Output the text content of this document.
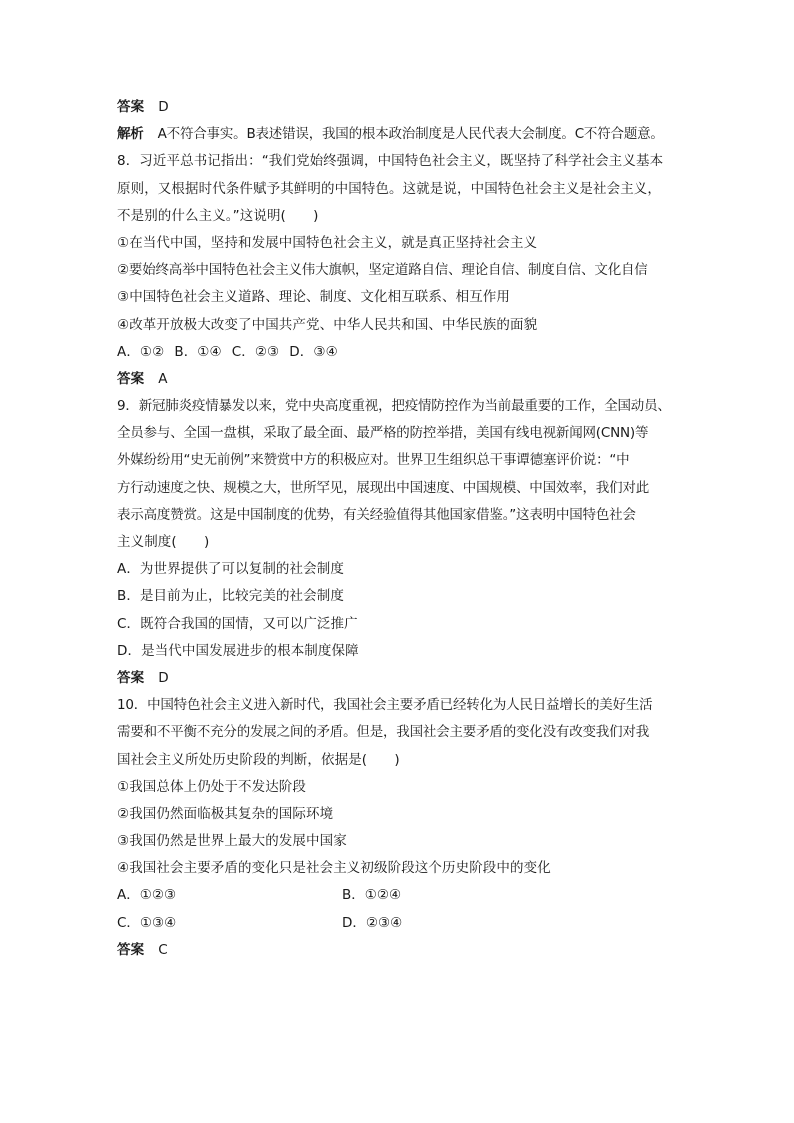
答案 D
解析 A不符合事实。B表述错误，我国的根本政治制度是人民代表大会制度。C不符合题意。
8．习近平总书记指出：“我们党始终强调，中国特色社会主义，既坚持了科学社会主义基本
原则，又根据时代条件赋予其鲜明的中国特色。这就是说，中国特色社会主义是社会主义，
不是别的什么主义。”这说明(　　)
①在当代中国，坚持和发展中国特色社会主义，就是真正坚持社会主义
②要始终高举中国特色社会主义伟大旗帜，坚定道路自信、理论自信、制度自信、文化自信
③中国特色社会主义道路、理论、制度、文化相互联系、相互作用
④改革开放极大改变了中国共产党、中华人民共和国、中华民族的面貌
A．①② B．①④ C．②③ D．③④
答案 A
9．新冠肺炎疫情暴发以来，党中央高度重视，把疫情防控作为当前最重要的工作，全国动员、
全员参与、全国一盘棋，采取了最全面、最严格的防控举措，美国有线电视新闻网(CNN)等
外媒纷纷用“史无前例”来赞赏中方的积极应对。世界卫生组织总干事谭德塞评价说：“中
方行动速度之快、规模之大，世所罕见，展现出中国速度、中国规模、中国效率，我们对此
表示高度赞赏。这是中国制度的优势，有关经验值得其他国家借鉴。”这表明中国特色社会
主义制度(　　)
A．为世界提供了可以复制的社会制度
B．是目前为止，比较完美的社会制度
C．既符合我国的国情，又可以广泛推广
D．是当代中国发展进步的根本制度保障
答案 D
10．中国特色社会主义进入新时代，我国社会主要矛盾已经转化为人民日益增长的美好生活
需要和不平衡不充分的发展之间的矛盾。但是，我国社会主要矛盾的变化没有改变我们对我
国社会主义所处历史阶段的判断，依据是(　　)
①我国总体上仍处于不发达阶段
②我国仍然面临极其复杂的国际环境
③我国仍然是世界上最大的发展中国家
④我国社会主要矛盾的变化只是社会主义初级阶段这个历史阶段中的变化
A．①②③	B．①②④
C．①③④	D．②③④
答案 C
